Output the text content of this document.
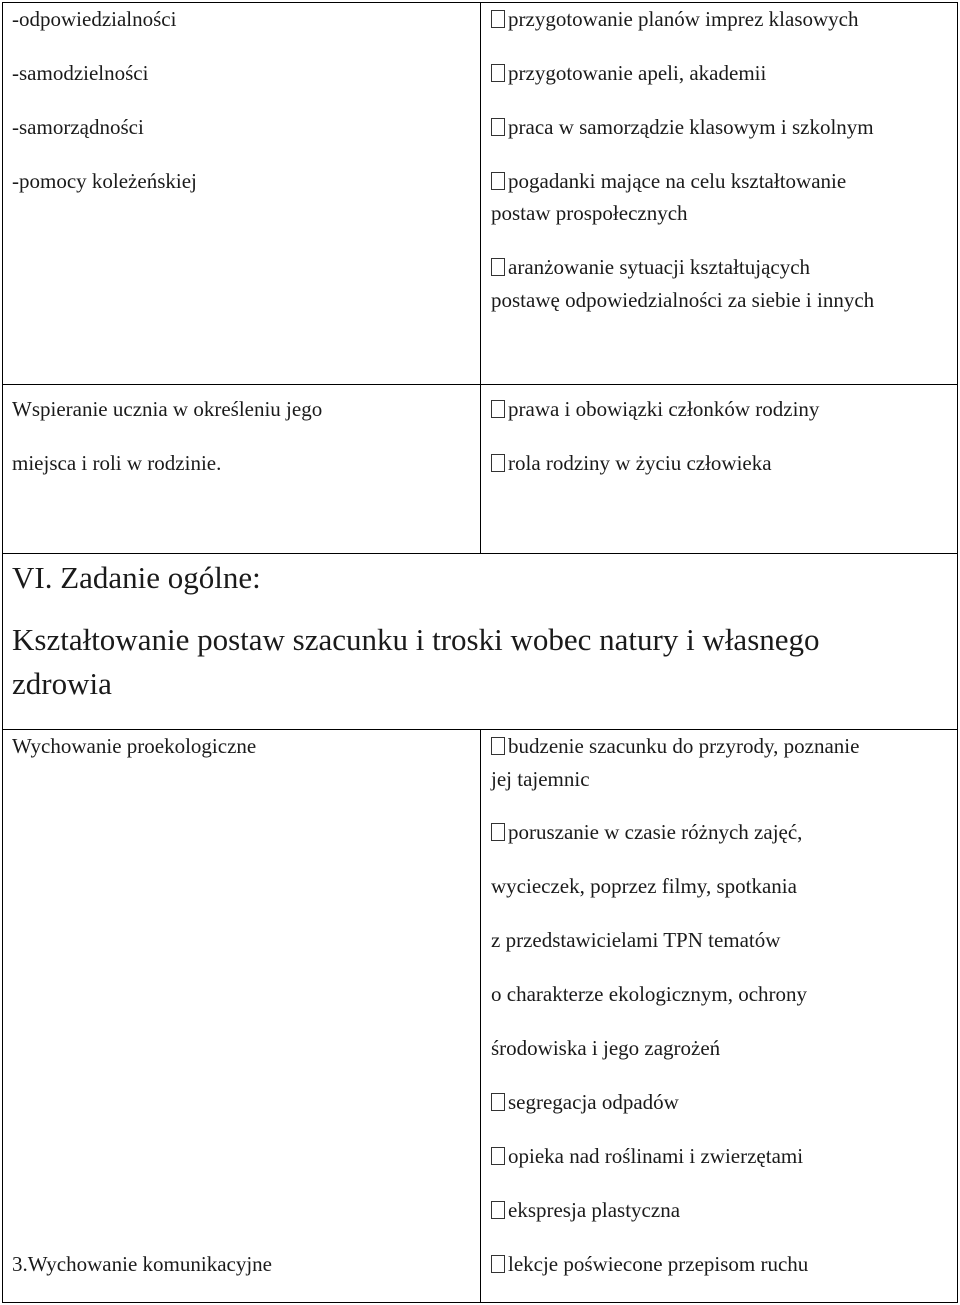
-odpowiedzialności
-samodzielności
-samorządności
-pomocy koleżeńskiej
przygotowanie planów imprez klasowych
przygotowanie apeli, akademii
praca w samorządzie klasowym i szkolnym
pogadanki mające na celu kształtowanie
postaw prospołecznych
aranżowanie sytuacji kształtujących
postawę odpowiedzialności za siebie i innych
Wspieranie ucznia w określeniu jego
miejsca i roli w rodzinie.
prawa i obowiązki członków rodziny
rola rodziny w życiu człowieka
VI. Zadanie ogólne:
Kształtowanie postaw szacunku i troski wobec natury i własnego
zdrowia
Wychowanie proekologiczne	budzenie szacunku do przyrody, poznanie
jej tajemnic
poruszanie w czasie różnych zajęć,
wycieczek, poprzez filmy, spotkania
z przedstawicielami TPN tematów
o charakterze ekologicznym, ochrony
środowiska i jego zagrożeń
segregacja odpadów
opieka nad roślinami i zwierzętami
ekspresja plastyczna
3.Wychowanie komunikacyjne	lekcje poświecone przepisom ruchu
